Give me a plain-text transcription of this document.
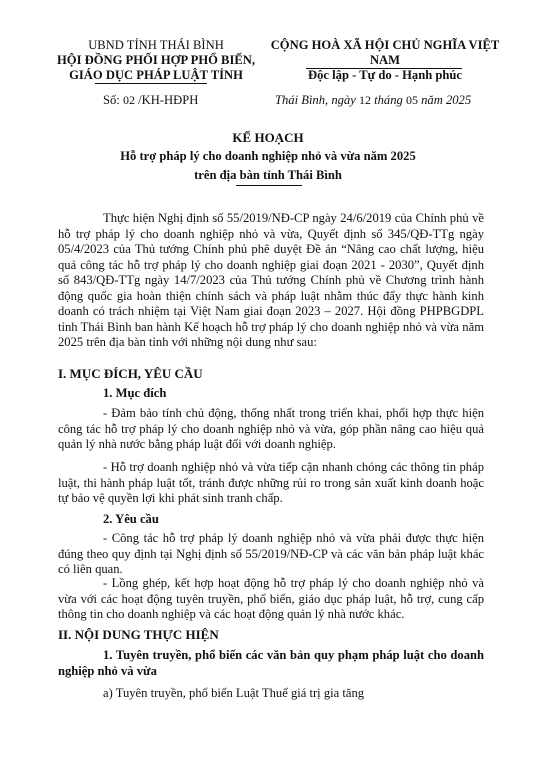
UBND TỈNH THÁI BÌNH
HỘI ĐỒNG PHỐI HỢP PHỔ BIẾN,
GIÁO DỤC PHÁP LUẬT TỈNH
CỘNG HOÀ XÃ HỘI CHỦ NGHĨA VIỆT NAM
Độc lập - Tự do - Hạnh phúc
Số: 02 /KH-HĐPH	Thái Bình, ngày 12 tháng 05 năm 2025
KẾ HOẠCH
Hỗ trợ pháp lý cho doanh nghiệp nhỏ và vừa năm 2025
trên địa bàn tỉnh Thái Bình

Thực hiện Nghị định số 55/2019/NĐ-CP ngày 24/6/2019 của Chính phủ về hỗ trợ pháp lý cho doanh nghiệp nhỏ và vừa, Quyết định số 345/QĐ-TTg ngày 05/4/2023 của Thủ tướng Chính phủ phê duyệt Đề án “Nâng cao chất lượng, hiệu quả công tác hỗ trợ pháp lý cho doanh nghiệp giai đoạn 2021 - 2030”, Quyết định số 843/QĐ-TTg ngày 14/7/2023 của Thủ tướng Chính phủ về Chương trình hành động quốc gia hoàn thiện chính sách và pháp luật nhằm thúc đẩy thực hành kinh doanh có trách nhiệm tại Việt Nam giai đoạn 2023 – 2027. Hội đồng PHPBGDPL tỉnh Thái Bình ban hành Kế hoạch hỗ trợ pháp lý cho doanh nghiệp nhỏ và vừa năm 2025 trên địa bàn tỉnh với những nội dung như sau:

I. MỤC ĐÍCH, YÊU CẦU

1. Mục đích

- Đảm bảo tính chủ động, thống nhất trong triển khai, phối hợp thực hiện công tác hỗ trợ pháp lý cho doanh nghiệp nhỏ và vừa, góp phần nâng cao hiệu quả quản lý nhà nước bằng pháp luật đối với doanh nghiệp.

- Hỗ trợ doanh nghiệp nhỏ và vừa tiếp cận nhanh chóng các thông tin pháp luật, thi hành pháp luật tốt, tránh được những rủi ro trong sản xuất kinh doanh hoặc tự bảo vệ quyền lợi khi phát sinh tranh chấp.

2. Yêu cầu

- Công tác hỗ trợ pháp lý doanh nghiệp nhỏ và vừa phải được thực hiện đúng theo quy định tại Nghị định số 55/2019/NĐ-CP và các văn bản pháp luật khác có liên quan.

- Lồng ghép, kết hợp hoạt động hỗ trợ pháp lý cho doanh nghiệp nhỏ và vừa với các hoạt động tuyên truyền, phổ biến, giáo dục pháp luật, hỗ trợ, cung cấp thông tin cho doanh nghiệp và các hoạt động quản lý nhà nước khác.

II. NỘI DUNG THỰC HIỆN

1. Tuyên truyền, phổ biến các văn bản quy phạm pháp luật cho doanh nghiệp nhỏ và vừa

a) Tuyên truyền, phổ biến Luật Thuế giá trị gia tăng
